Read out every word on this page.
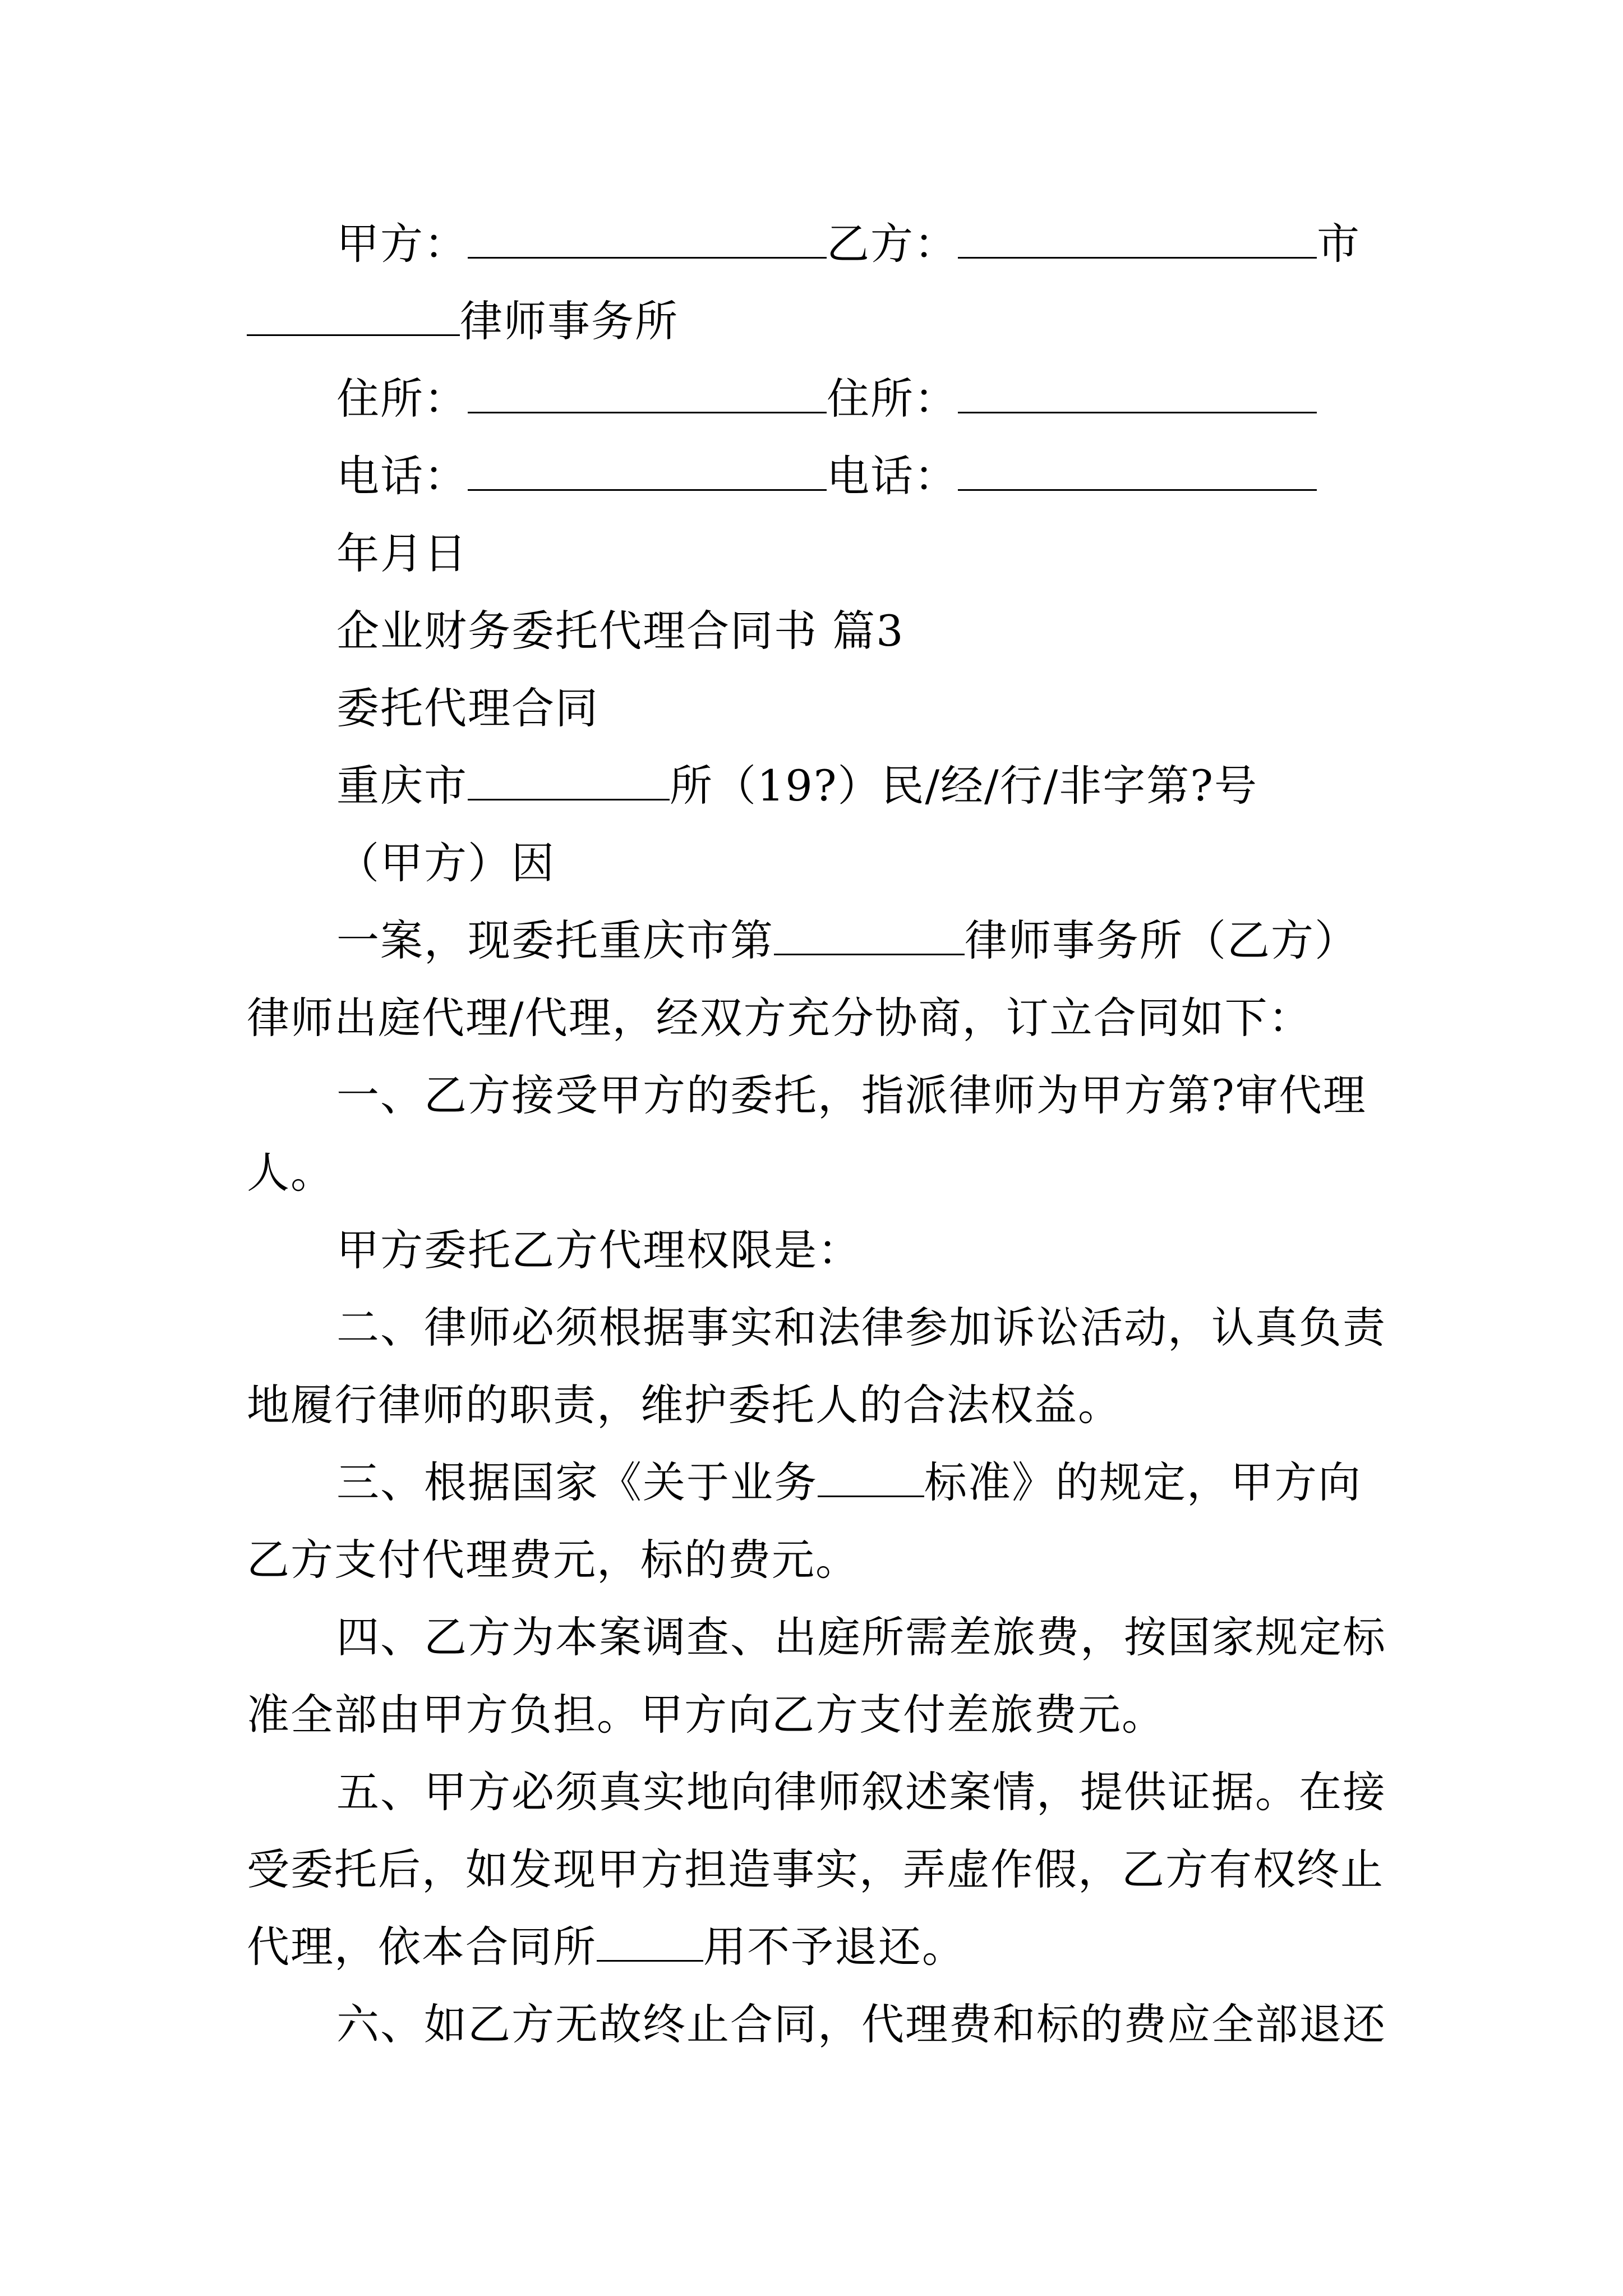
甲方：	乙方：	市
律师事务所
住所：	住所：
电话：	电话：
年月日
企业财务委托代理合同书 篇3
委托代理合同
重庆市	所（19?）民/经/行/非字第?号
（甲方）因
一案，现委托重庆市第	律师事务所（乙方）
律师出庭代理/代理，经双方充分协商，订立合同如下：
一、乙方接受甲方的委托，指派律师为甲方第?审代理
人。
甲方委托乙方代理权限是：
二、律师必须根据事实和法律参加诉讼活动，认真负责
地履行律师的职责，维护委托人的合法权益。
三、根据国家《关于业务	标准》的规定，甲方向
乙方支付代理费元，标的费元。
四、乙方为本案调查、出庭所需差旅费，按国家规定标
准全部由甲方负担。甲方向乙方支付差旅费元。
五、甲方必须真实地向律师叙述案情，提供证据。在接
受委托后，如发现甲方担造事实，弄虚作假，乙方有权终止
代理，依本合同所	用不予退还。
六、如乙方无故终止合同，代理费和标的费应全部退还
